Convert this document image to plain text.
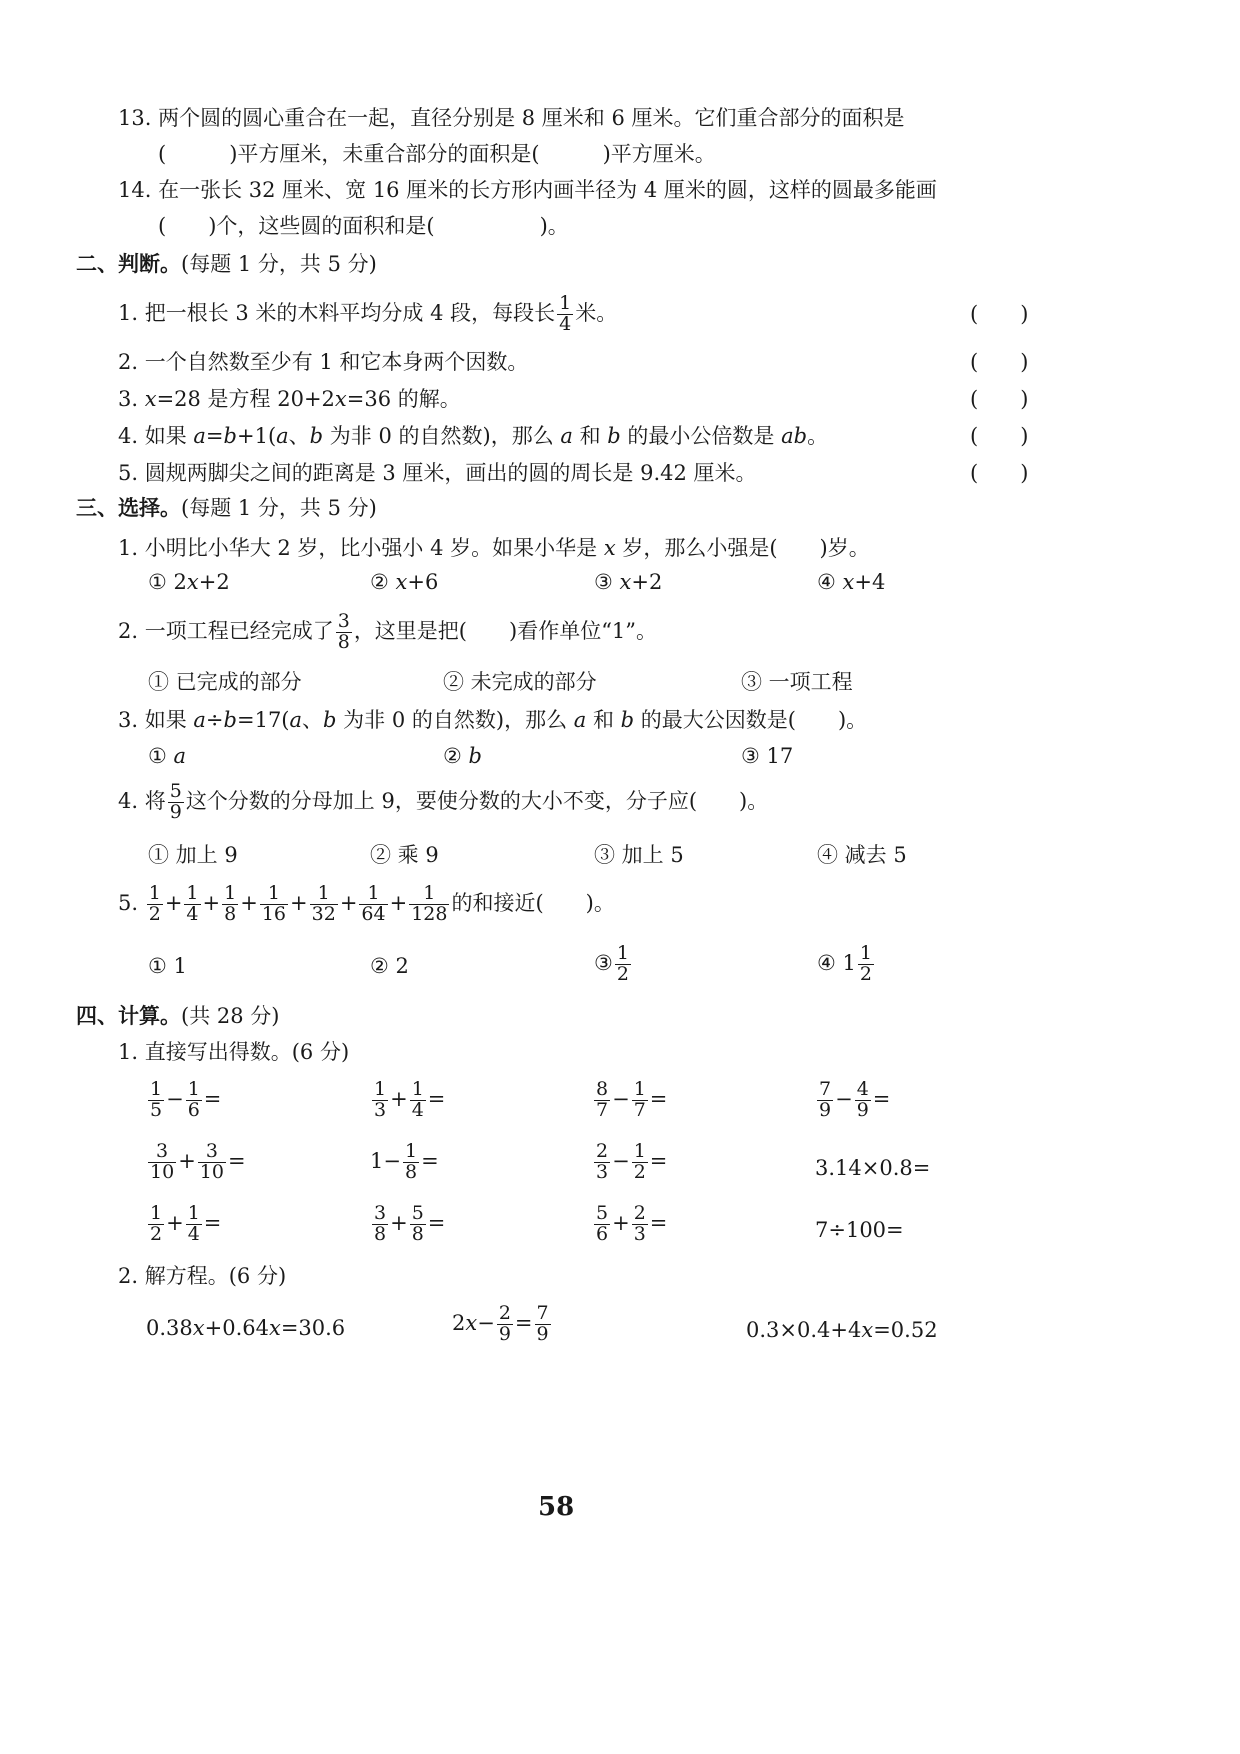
13. 两个圆的圆心重合在一起，直径分别是 8 厘米和 6 厘米。它们重合部分的面积是
(　　　)平方厘米，未重合部分的面积是(　　　)平方厘米。
14. 在一张长 32 厘米、宽 16 厘米的长方形内画半径为 4 厘米的圆，这样的圆最多能画
(　　)个，这些圆的面积和是(　　　　　)。
二、判断。(每题 1 分，共 5 分)
1. 把一根长 3 米的木料平均分成 4 段，每段长 $\frac{1}{4}$ 米。	(　　)
2. 一个自然数至少有 1 和它本身两个因数。	(　　)
3. x=28 是方程 20+2x=36 的解。	(　　)
4. 如果 a=b+1(a、b 为非 0 的自然数)，那么 a 和 b 的最小公倍数是 ab。	(　　)
5. 圆规两脚尖之间的距离是 3 厘米，画出的圆的周长是 9.42 厘米。	(　　)
三、选择。(每题 1 分，共 5 分)
1. 小明比小华大 2 岁，比小强小 4 岁。如果小华是 x 岁，那么小强是(　　)岁。
① 2x+2	② x+6	③ x+2	④ x+4
2. 一项工程已经完成了 $\frac{3}{8}$ ，这里是把(　　)看作单位“1”。
① 已完成的部分	② 未完成的部分	③ 一项工程
3. 如果 a÷b=17(a、b 为非 0 的自然数)，那么 a 和 b 的最大公因数是(　　)。
① a	② b	③ 17
4. 将 $\frac{5}{9}$ 这个分数的分母加上 9，要使分数的大小不变，分子应(　　)。
① 加上 9	② 乘 9	③ 加上 5	④ 减去 5
5. $\frac{1}{2} + \frac{1}{4} + \frac{1}{8} + \frac{1}{16} + \frac{1}{32} + \frac{1}{64} + \frac{1}{128}$ 的和接近(　　)。
① 1	② 2	③ $\frac{1}{2}$	④ $1 \frac{1}{2}$
四、计算。(共 28 分)
1. 直接写出得数。(6 分)
$\frac{1}{5} - \frac{1}{6}$ =	$\frac{1}{3} + \frac{1}{4}$ =	$\frac{8}{7} - \frac{1}{7}$ =	$\frac{7}{9} - \frac{4}{9}$ =
$\frac{3}{10} + \frac{3}{10}$ =	$1- \frac{1}{8}$ =	$\frac{2}{3} - \frac{1}{2}$ =	3.14×0.8=
$\frac{1}{2} + \frac{1}{4}$ =	$\frac{3}{8} + \frac{5}{8}$ =	$\frac{5}{6} + \frac{2}{3}$ =	7÷100=
2. 解方程。(6 分)
0.38x+0.64x=30.6	$2x- \frac{2}{9} = \frac{7}{9}$	0.3×0.4+4x=0.52
58
